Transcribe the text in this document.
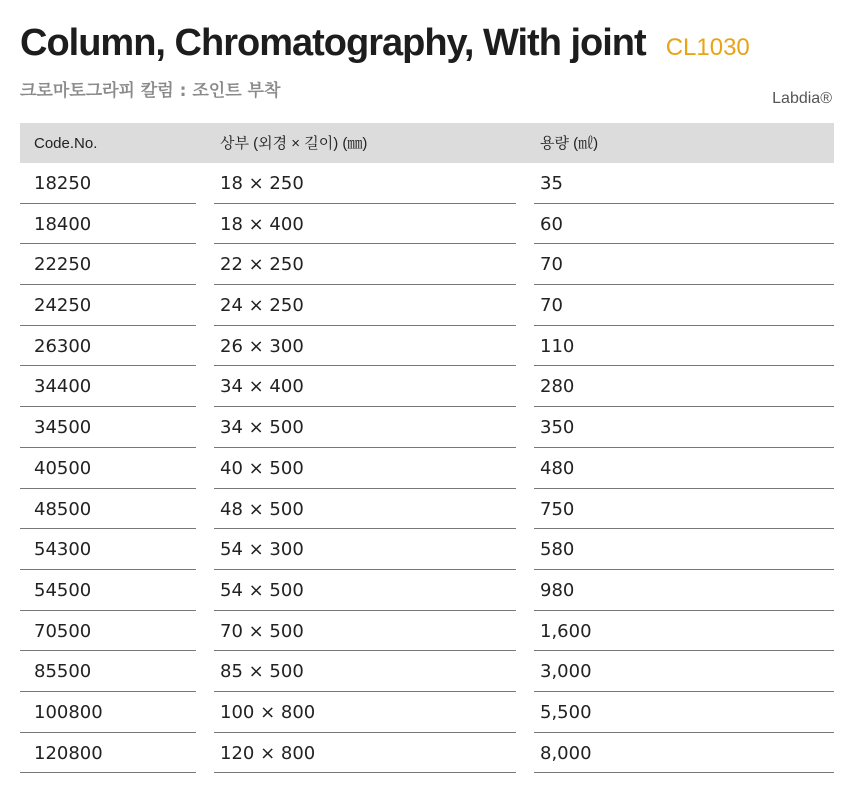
Column, Chromatography, With joint CL1030
크로마토그라피 칼럼 : 조인트 부착	Labdia®
Code.No.	상부 (외경 × 길이) (㎜)	용량 (㎖)
18250	18 × 250	35
18400	18 × 400	60
22250	22 × 250	70
24250	24 × 250	70
26300	26 × 300	110
34400	34 × 400	280
34500	34 × 500	350
40500	40 × 500	480
48500	48 × 500	750
54300	54 × 300	580
54500	54 × 500	980
70500	70 × 500	1,600
85500	85 × 500	3,000
100800	100 × 800	5,500
120800	120 × 800	8,000
